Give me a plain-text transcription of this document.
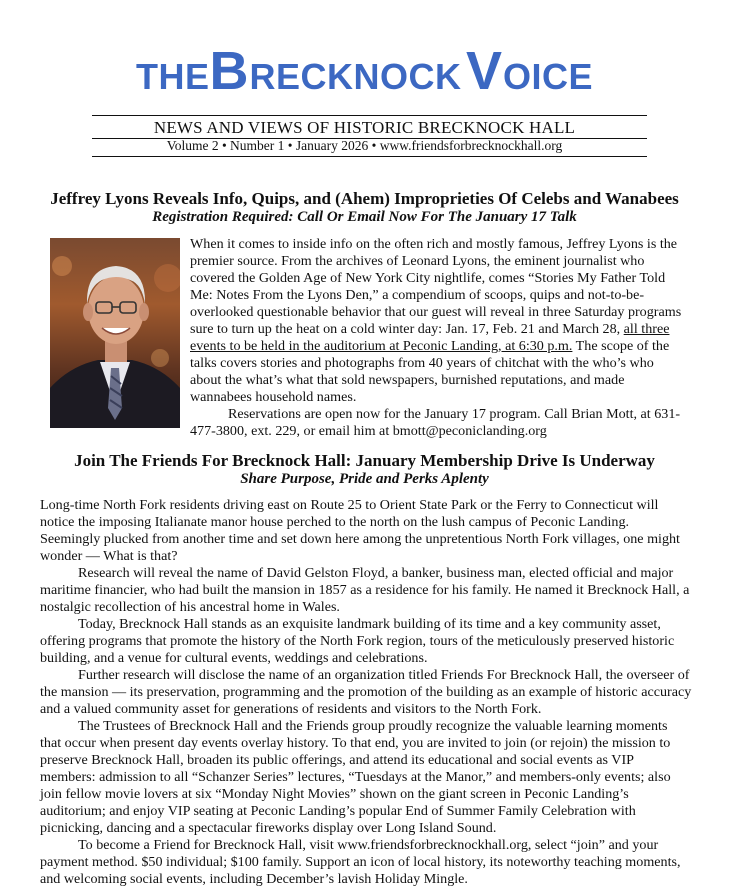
THEBRECKNOCK VOICE
NEWS AND VIEWS OF HISTORIC BRECKNOCK HALL
Volume 2 • Number 1 • January 2026 • www.friendsforbrecknockhall.org
Jeffrey Lyons Reveals Info, Quips, and (Ahem) Improprieties Of Celebs and Wanabees
Registration Required: Call Or Email Now For The January 17 Talk

When it comes to inside info on the often rich and mostly famous, Jeffrey Lyons is the premier source. From the archives of Leonard Lyons, the eminent journalist who covered the Golden Age of New York City nightlife, comes “Stories My Father Told Me: Notes From the Lyons Den,” a compendium of scoops, quips and not-to-be-overlooked questionable behavior that our guest will reveal in three Saturday programs sure to turn up the heat on a cold winter day: Jan. 17, Feb. 21 and March 28, all three events to be held in the auditorium at Peconic Landing, at 6:30 p.m. The scope of the talks covers stories and photographs from 40 years of chitchat with the who’s who about the what’s what that sold newspapers, burnished reputations, and made wannabees household names.

Reservations are open now for the January 17 program. Call Brian Mott, at 631-477-3800, ext. 229, or email him at bmott@peconiclanding.org

Join The Friends For Brecknock Hall: January Membership Drive Is Underway
Share Purpose, Pride and Perks Aplenty

Long-time North Fork residents driving east on Route 25 to Orient State Park or the Ferry to Connecticut will notice the imposing Italianate manor house perched to the north on the lush campus of Peconic Landing. Seemingly plucked from another time and set down here among the unpretentious North Fork villages, one might wonder — What is that?

Research will reveal the name of David Gelston Floyd, a banker, business man, elected official and major maritime financier, who had built the mansion in 1857 as a residence for his family. He named it Brecknock Hall, a nostalgic recollection of his ancestral home in Wales.

Today, Brecknock Hall stands as an exquisite landmark building of its time and a key community asset, offering programs that promote the history of the North Fork region, tours of the meticulously preserved historic building, and a venue for cultural events, weddings and celebrations.

Further research will disclose the name of an organization titled Friends For Brecknock Hall, the overseer of the mansion — its preservation, programming and the promotion of the building as an example of historic accuracy and a valued community asset for generations of residents and visitors to the North Fork.

The Trustees of Brecknock Hall and the Friends group proudly recognize the valuable learning moments that occur when present day events overlay history. To that end, you are invited to join (or rejoin) the mission to preserve Brecknock Hall, broaden its public offerings, and attend its educational and social events as VIP members: admission to all “Schanzer Series” lectures, “Tuesdays at the Manor,” and members-only events; also join fellow movie lovers at six “Monday Night Movies” shown on the giant screen in Peconic Landing’s auditorium; and enjoy VIP seating at Peconic Landing’s popular End of Summer Family Celebration with picnicking, dancing and a spectacular fireworks display over Long Island Sound.

To become a Friend for Brecknock Hall, visit www.friendsforbrecknockhall.org, select “join” and your payment method. $50 individual; $100 family. Support an icon of local history, its noteworthy teaching moments, and welcoming social events, including December’s lavish Holiday Mingle.
